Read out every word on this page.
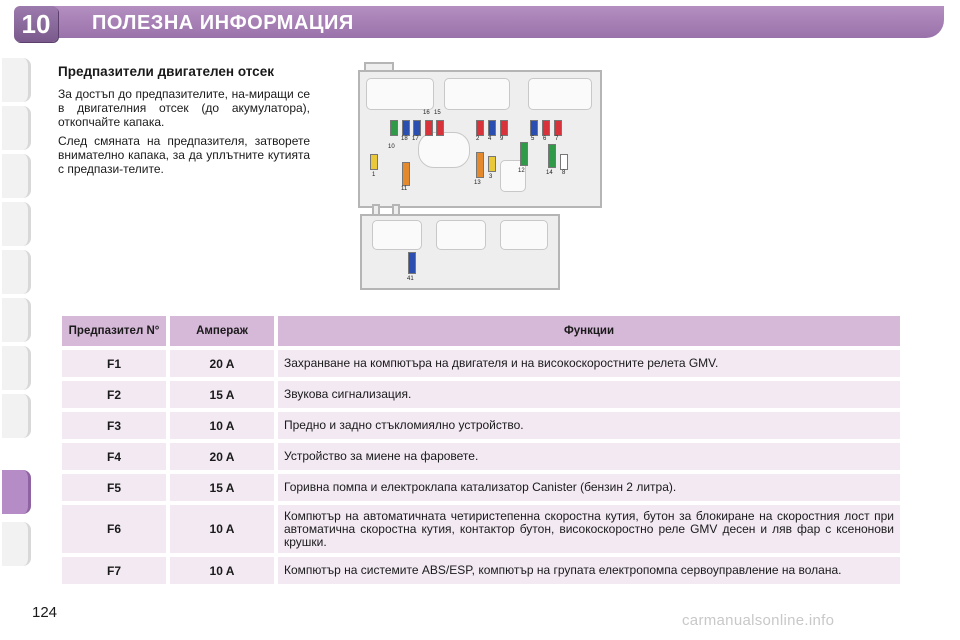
10	ПОЛЕЗНА ИНФОРМАЦИЯ
Предпазители двигателен отсек

За достъп до предпазителите, на-миращи се в двигателния отсек (до акумулатора), откопчайте капака.

След смяната на предпазителя, затворете внимателно капака, за да уплътните кутията с предпази-телите.

10
18 17
16 15
2 4 9	5 6 7
1
11
13
3
12	14 8
41
Предпазител N°	Ампераж	Функции
F1	20 A	Захранване на компютъра на двигателя и на високоскоростните релета GMV.
F2	15 A	Звукова сигнализация.
F3	10 A	Предно и задно стъкломиялно устройство.
F4	20 A	Устройство за миене на фаровете.
F5	15 A	Горивна помпа и електроклапа катализатор Canister (бензин 2 литра).
F6	10 A	Компютър на автоматичната четиристепенна скоростна кутия, бутон за блокиране на скоростния лост при автоматична скоростна кутия, контактор бутон, високоскоростно реле GMV десен и ляв фар с ксенонови крушки.
F7	10 A	Компютър на системите ABS/ESP, компютър на групата електропомпа сервоуправление на волана.
124	carmanualsonline.info
